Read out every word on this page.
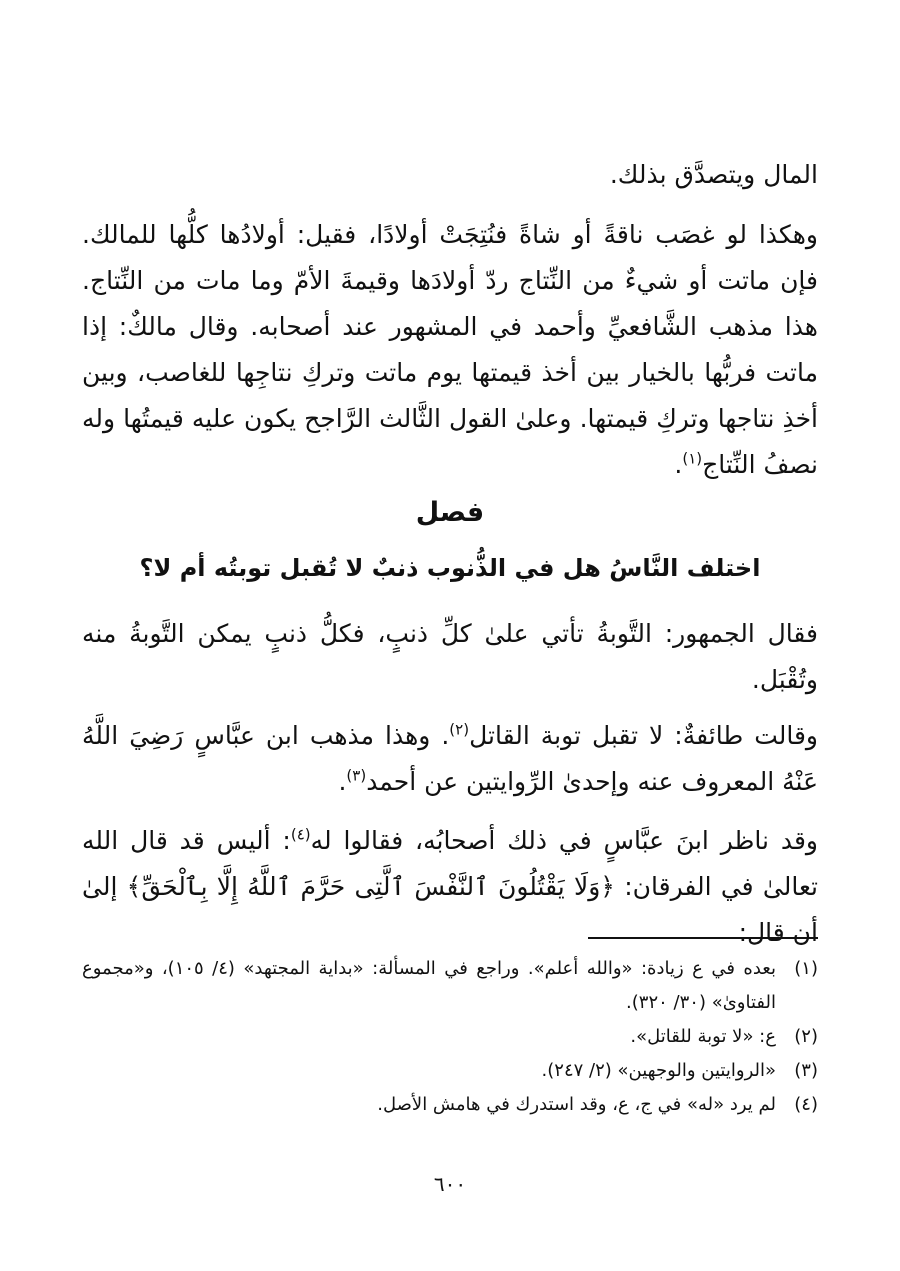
المال ويتصدَّق بذلك.

وهكذا لو غصَب ناقةً أو شاةً فنُتِجَتْ أولادًا، فقيل: أولادُها كلُّها للمالك. فإن ماتت أو شيءٌ من النِّتاج ردّ أولادَها وقيمةَ الأمّ وما مات من النِّتاج. هذا مذهب الشَّافعيِّ وأحمد في المشهور عند أصحابه. وقال مالكٌ: إذا ماتت فربُّها بالخيار بين أخذ قيمتها يوم ماتت وتركِ نتاجِها للغاصب، وبين أخذِ نتاجها وتركِ قيمتها. وعلىٰ القول الثَّالث الرَّاجح يكون عليه قيمتُها وله نصفُ النِّتاج$^{(١)}$.

فصل
اختلف النَّاسُ هل في الذُّنوب ذنبٌ لا تُقبل توبتُه أم لا؟

فقال الجمهور: التَّوبةُ تأتي علىٰ كلِّ ذنبٍ، فكلُّ ذنبٍ يمكن التَّوبةُ منه وتُقْبَل.

وقالت طائفةٌ: لا تقبل توبة القاتل$^{(٢)}$. وهذا مذهب ابن عبَّاسٍ رَضِيَ اللَّهُ عَنْهُ المعروف عنه وإحدىٰ الرِّوايتين عن أحمد$^{(٣)}$.

وقد ناظر ابنَ عبَّاسٍ في ذلك أصحابُه، فقالوا له$^{(٤)}$: أليس قد قال الله تعالىٰ في الفرقان: ﴿وَلَا يَقْتُلُونَ ٱلنَّفْسَ ٱلَّتِى حَرَّمَ ٱللَّهُ إِلَّا بِٱلْحَقِّ﴾ إلىٰ أن قال:

(١)
بعده في ع زيادة: «والله أعلم». وراجع في المسألة: «بداية المجتهد» (٤/ ١٠٥)، و«مجموع الفتاوىٰ» (٣٠/ ٣٢٠).
(٢)
ع: «لا توبة للقاتل».
(٣)
«الروايتين والوجهين» (٢/ ٢٤٧).
(٤)
لم يرد «له» في ج، ع، وقد استدرك في هامش الأصل.
٦٠٠
